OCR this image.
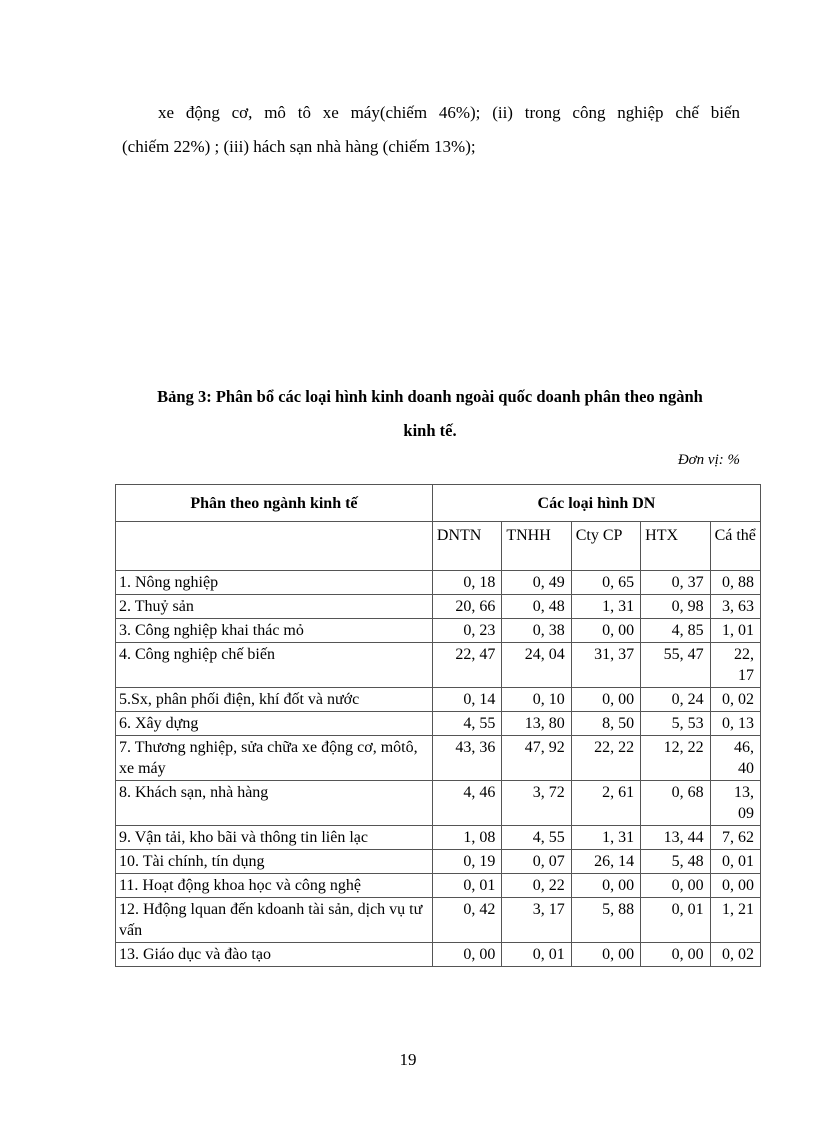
xe động cơ, mô tô xe máy(chiếm 46%); (ii) trong công nghiệp chế biến
(chiếm 22%) ; (iii) hách sạn nhà hàng (chiếm 13%);
Bảng 3: Phân bổ các loại hình kinh doanh ngoài quốc doanh phân theo ngành
kinh tế.
Đơn vị: %
Phân theo ngành kinh tế	Các loại hình DN				
	DNTN	TNHH	Cty CP	HTX	Cá thể
1. Nông nghiệp	0, 18	0, 49	0, 65	0, 37	0, 88
2. Thuỷ sản	20, 66	0, 48	1, 31	0, 98	3, 63
3. Công nghiệp khai thác mỏ	0, 23	0, 38	0, 00	4, 85	1, 01
4. Công nghiệp chế biến	22, 47	24, 04	31, 37	55, 47	22, 17
5.Sx, phân phối điện, khí đốt và nước	0, 14	0, 10	0, 00	0, 24	0, 02
6. Xây dựng	4, 55	13, 80	8, 50	5, 53	0, 13
7. Thương nghiệp, sửa chữa xe động cơ, môtô, xe máy	43, 36	47, 92	22, 22	12, 22	46, 40
8. Khách sạn, nhà hàng	4, 46	3, 72	2, 61	0, 68	13, 09
9. Vận tải, kho bãi và thông tin liên lạc	1, 08	4, 55	1, 31	13, 44	7, 62
10. Tài chính, tín dụng	0, 19	0, 07	26, 14	5, 48	0, 01
11. Hoạt động khoa học và công nghệ	0, 01	0, 22	0, 00	0, 00	0, 00
12. Hđộng lquan đến kdoanh tài sản, dịch vụ tư vấn	0, 42	3, 17	5, 88	0, 01	1, 21
13. Giáo dục và đào tạo	0, 00	0, 01	0, 00	0, 00	0, 02
19
